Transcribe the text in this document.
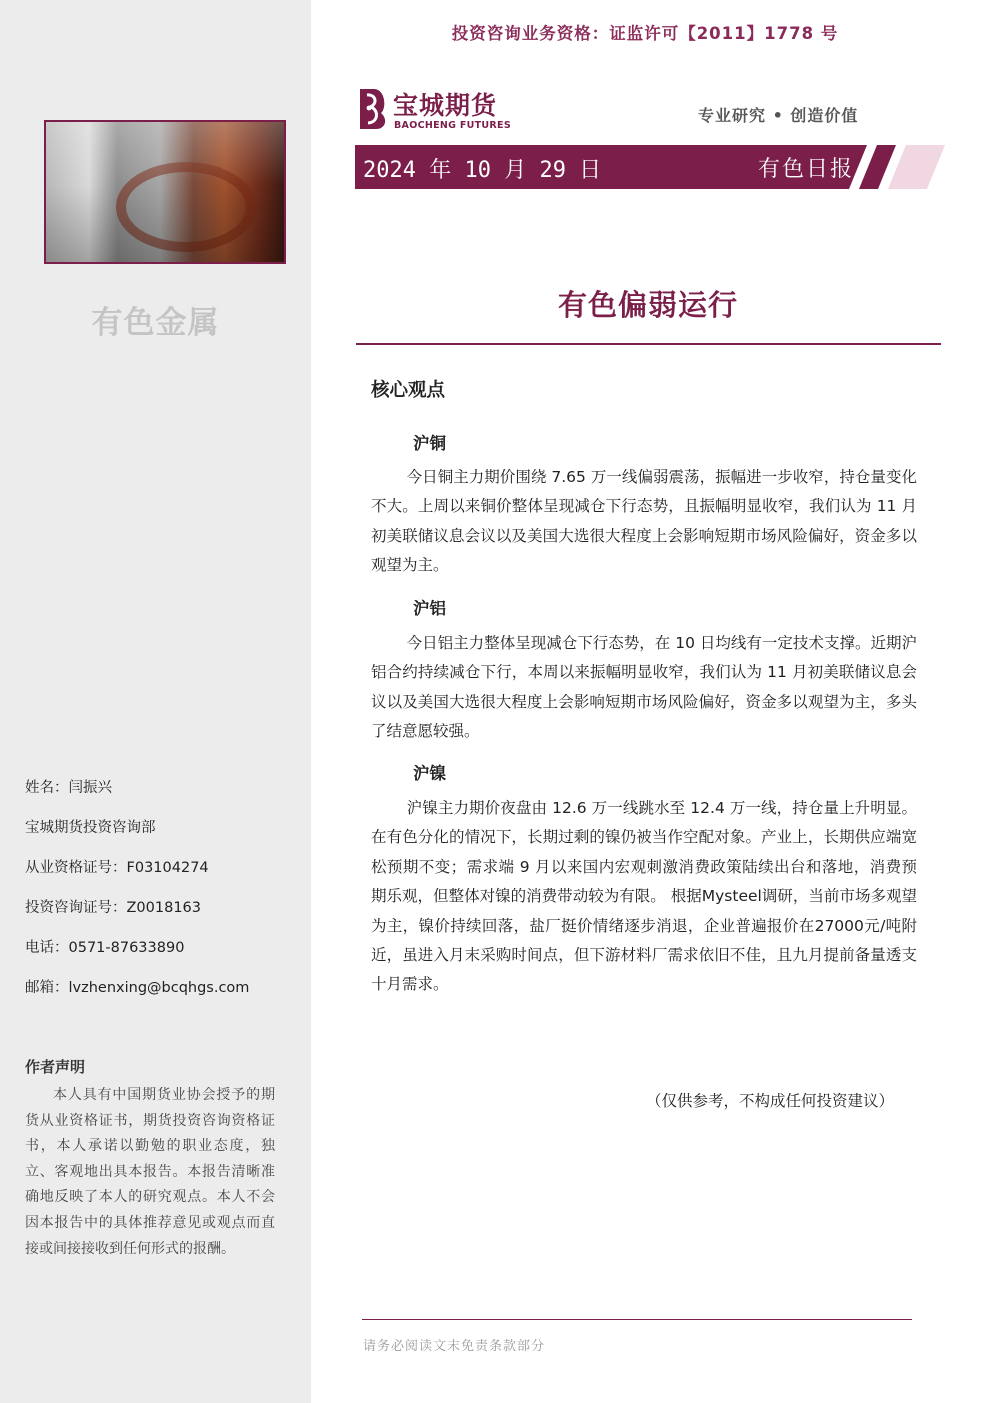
有色金属
姓名：闫振兴
宝城期货投资咨询部
从业资格证号：F03104274
投资咨询证号：Z0018163
电话：0571-87633890
邮箱：lvzhenxing@bcqhgs.com
作者声明
本人具有中国期货业协会授予的期货从业资格证书，期货投资咨询资格证书，本人承诺以勤勉的职业态度，独立、客观地出具本报告。本报告清晰准确地反映了本人的研究观点。本人不会因本报告中的具体推荐意见或观点而直接或间接接收到任何形式的报酬。
投资咨询业务资格：证监许可【2011】1778 号
宝城期货
BAOCHENG FUTURES
专业研究 • 创造价值
2024 年 10 月 29 日	有色日报
有色偏弱运行
核心观点
沪铜
今日铜主力期价围绕 7.65 万一线偏弱震荡，振幅进一步收窄，持仓量变化不大。上周以来铜价整体呈现减仓下行态势，且振幅明显收窄，我们认为 11 月初美联储议息会议以及美国大选很大程度上会影响短期市场风险偏好，资金多以观望为主。
沪铝
今日铝主力整体呈现减仓下行态势，在 10 日均线有一定技术支撑。近期沪铝合约持续减仓下行，本周以来振幅明显收窄，我们认为 11 月初美联储议息会议以及美国大选很大程度上会影响短期市场风险偏好，资金多以观望为主，多头了结意愿较强。
沪镍
沪镍主力期价夜盘由 12.6 万一线跳水至 12.4 万一线，持仓量上升明显。在有色分化的情况下，长期过剩的镍仍被当作空配对象。产业上，长期供应端宽松预期不变；需求端 9 月以来国内宏观刺激消费政策陆续出台和落地，消费预期乐观，但整体对镍的消费带动较为有限。 根据Mysteel调研，当前市场多观望为主，镍价持续回落，盐厂挺价情绪逐步消退，企业普遍报价在27000元/吨附近，虽进入月末采购时间点，但下游材料厂需求依旧不佳，且九月提前备量透支十月需求。
（仅供参考，不构成任何投资建议）
请务必阅读文末免责条款部分
